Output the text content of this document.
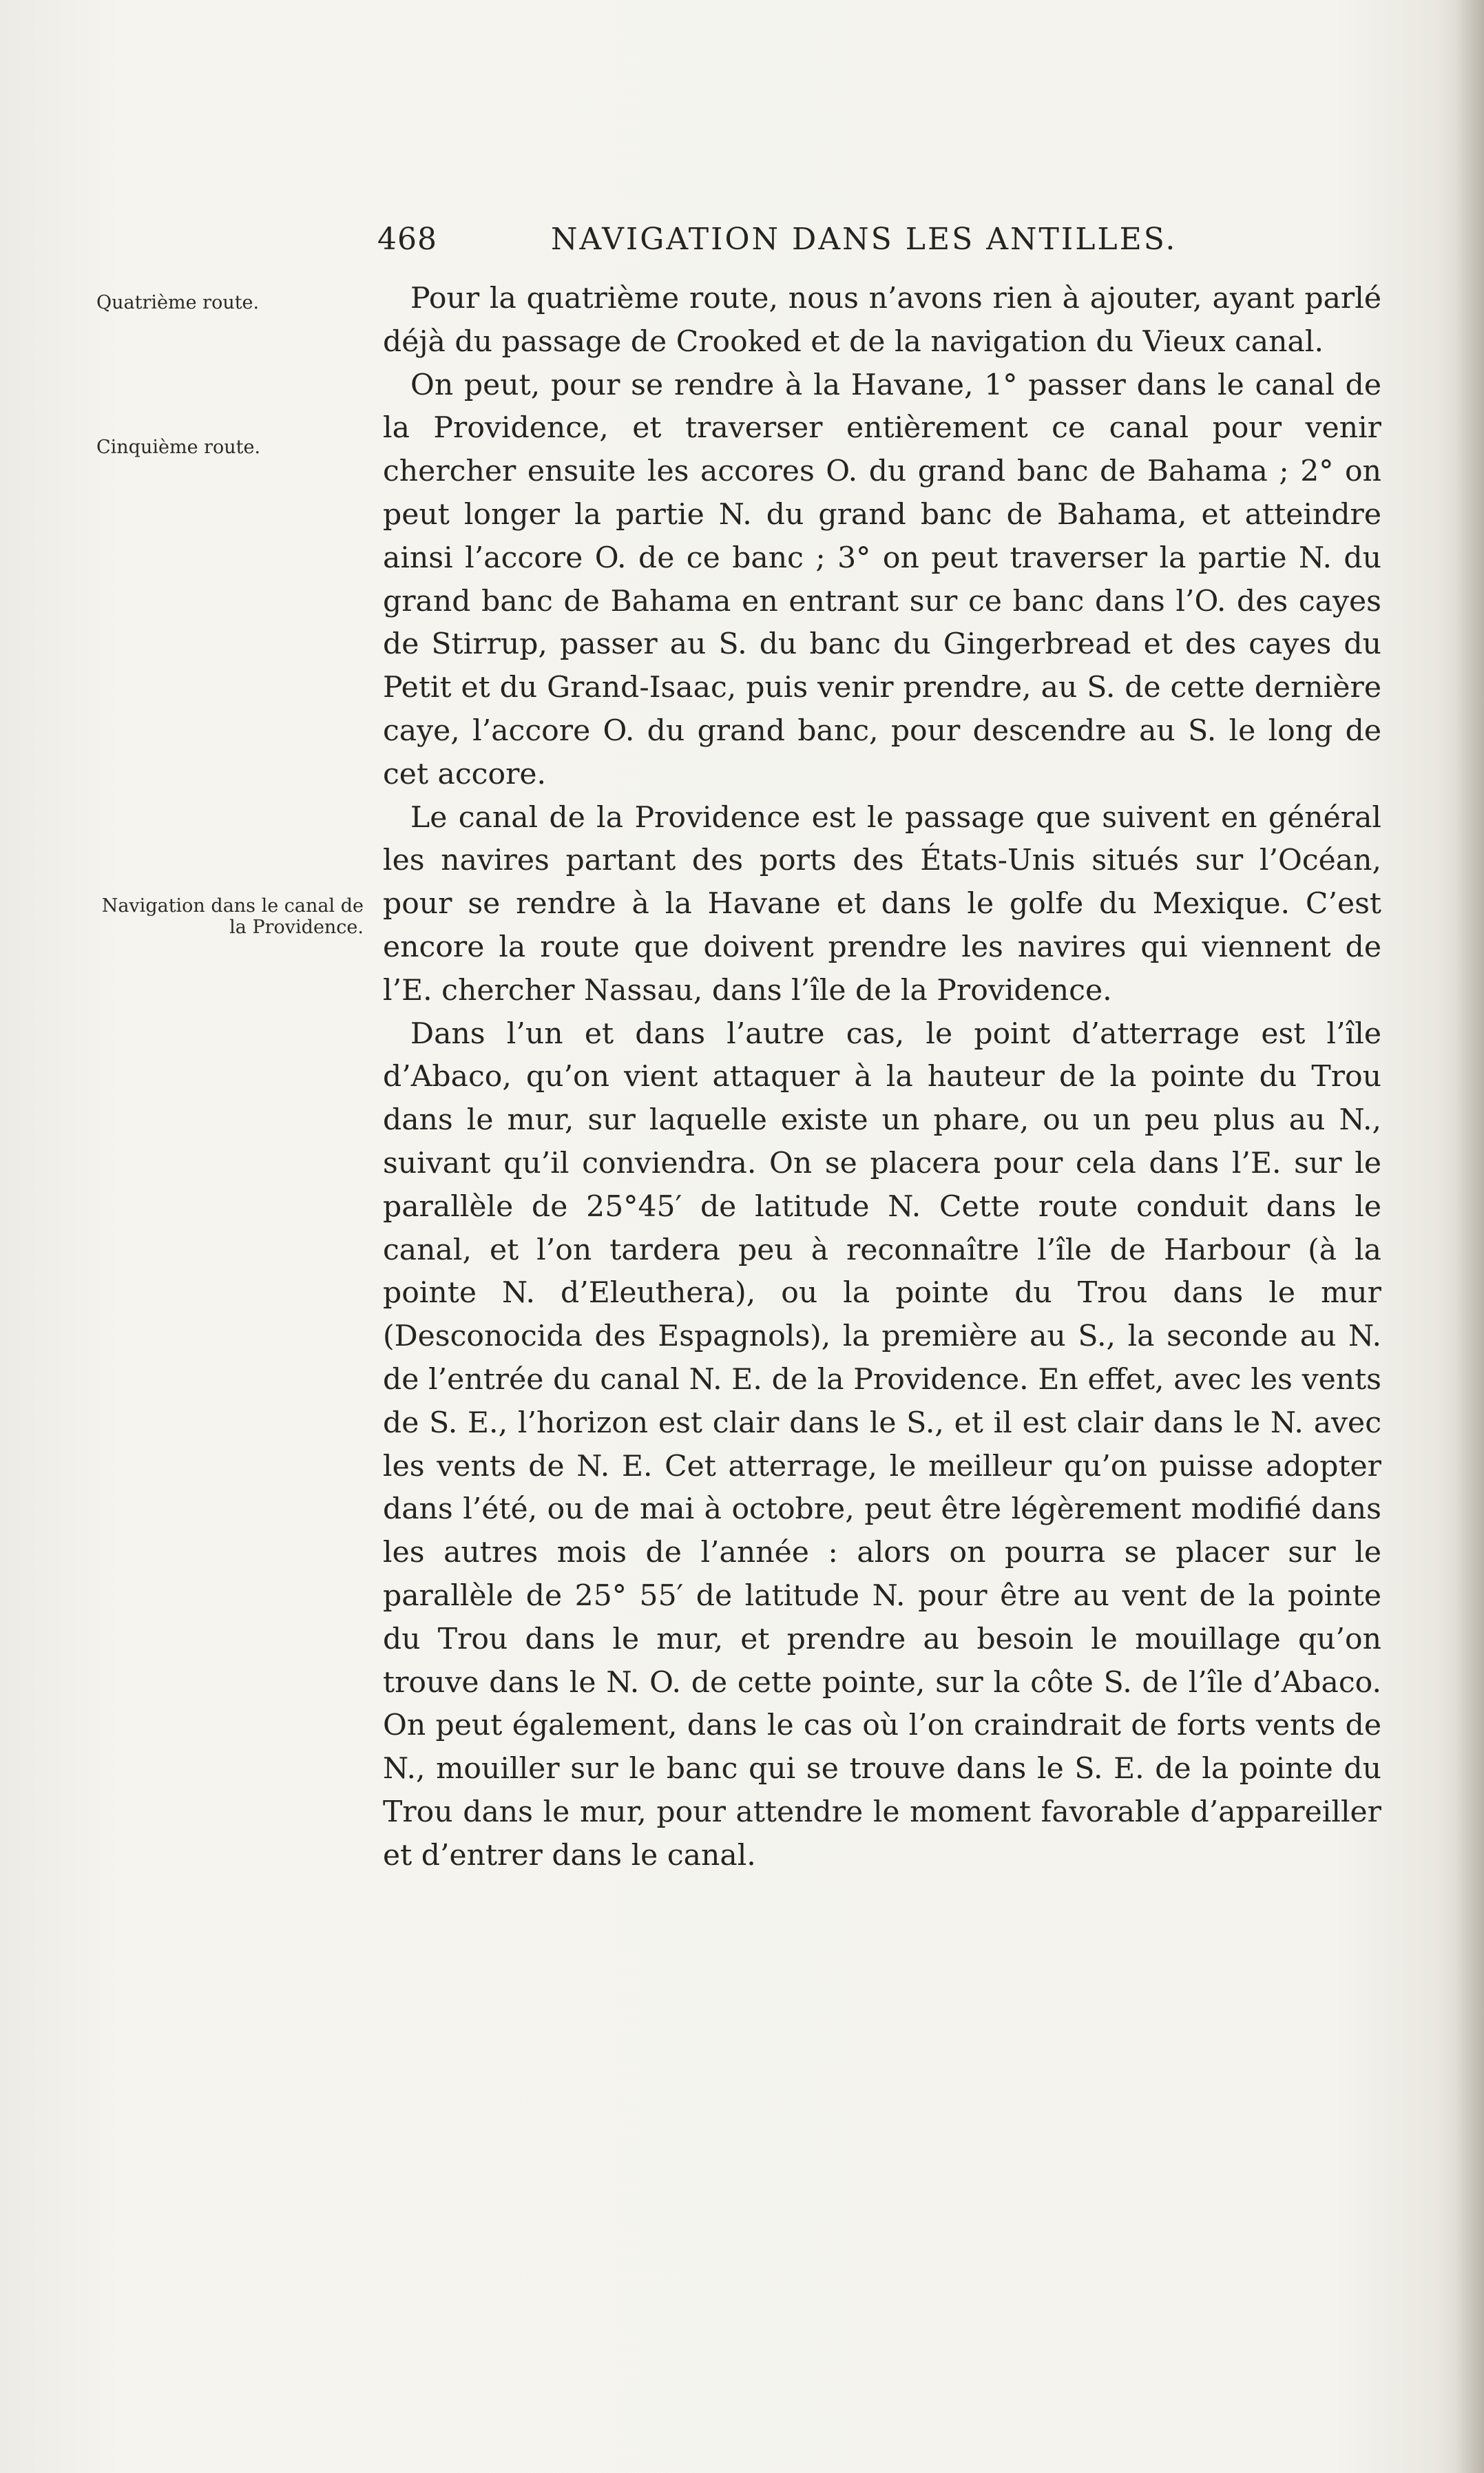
468	NAVIGATION DANS LES ANTILLES.
Quatrième route.
Cinquième route.
Navigation dans le canal de la Providence.

Pour la quatrième route, nous n’avons rien à ajouter, ayant parlé déjà du passage de Crooked et de la navigation du Vieux canal.

On peut, pour se rendre à la Havane, 1° passer dans le canal de la Providence, et traverser entièrement ce canal pour venir chercher ensuite les accores O. du grand banc de Bahama ; 2° on peut longer la partie N. du grand banc de Bahama, et atteindre ainsi l’accore O. de ce banc ; 3° on peut traverser la partie N. du grand banc de Bahama en entrant sur ce banc dans l’O. des cayes de Stirrup, passer au S. du banc du Gingerbread et des cayes du Petit et du Grand-Isaac, puis venir prendre, au S. de cette dernière caye, l’accore O. du grand banc, pour descendre au S. le long de cet accore.

Le canal de la Providence est le passage que suivent en général les navires partant des ports des États-Unis situés sur l’Océan, pour se rendre à la Havane et dans le golfe du Mexique. C’est encore la route que doivent prendre les navires qui viennent de l’E. chercher Nassau, dans l’île de la Providence.

Dans l’un et dans l’autre cas, le point d’atterrage est l’île d’Abaco, qu’on vient attaquer à la hauteur de la pointe du Trou dans le mur, sur laquelle existe un phare, ou un peu plus au N., suivant qu’il conviendra. On se placera pour cela dans l’E. sur le parallèle de 25°45′ de latitude N. Cette route conduit dans le canal, et l’on tardera peu à reconnaître l’île de Harbour (à la pointe N. d’Eleuthera), ou la pointe du Trou dans le mur (Desconocida des Espagnols), la première au S., la seconde au N. de l’entrée du canal N. E. de la Providence. En effet, avec les vents de S. E., l’horizon est clair dans le S., et il est clair dans le N. avec les vents de N. E. Cet atterrage, le meilleur qu’on puisse adopter dans l’été, ou de mai à octobre, peut être légèrement modifié dans les autres mois de l’année : alors on pourra se placer sur le parallèle de 25° 55′ de latitude N. pour être au vent de la pointe du Trou dans le mur, et prendre au besoin le mouillage qu’on trouve dans le N. O. de cette pointe, sur la côte S. de l’île d’Abaco. On peut également, dans le cas où l’on craindrait de forts vents de N., mouiller sur le banc qui se trouve dans le S. E. de la pointe du Trou dans le mur, pour attendre le moment favorable d’appareiller et d’entrer dans le canal.
